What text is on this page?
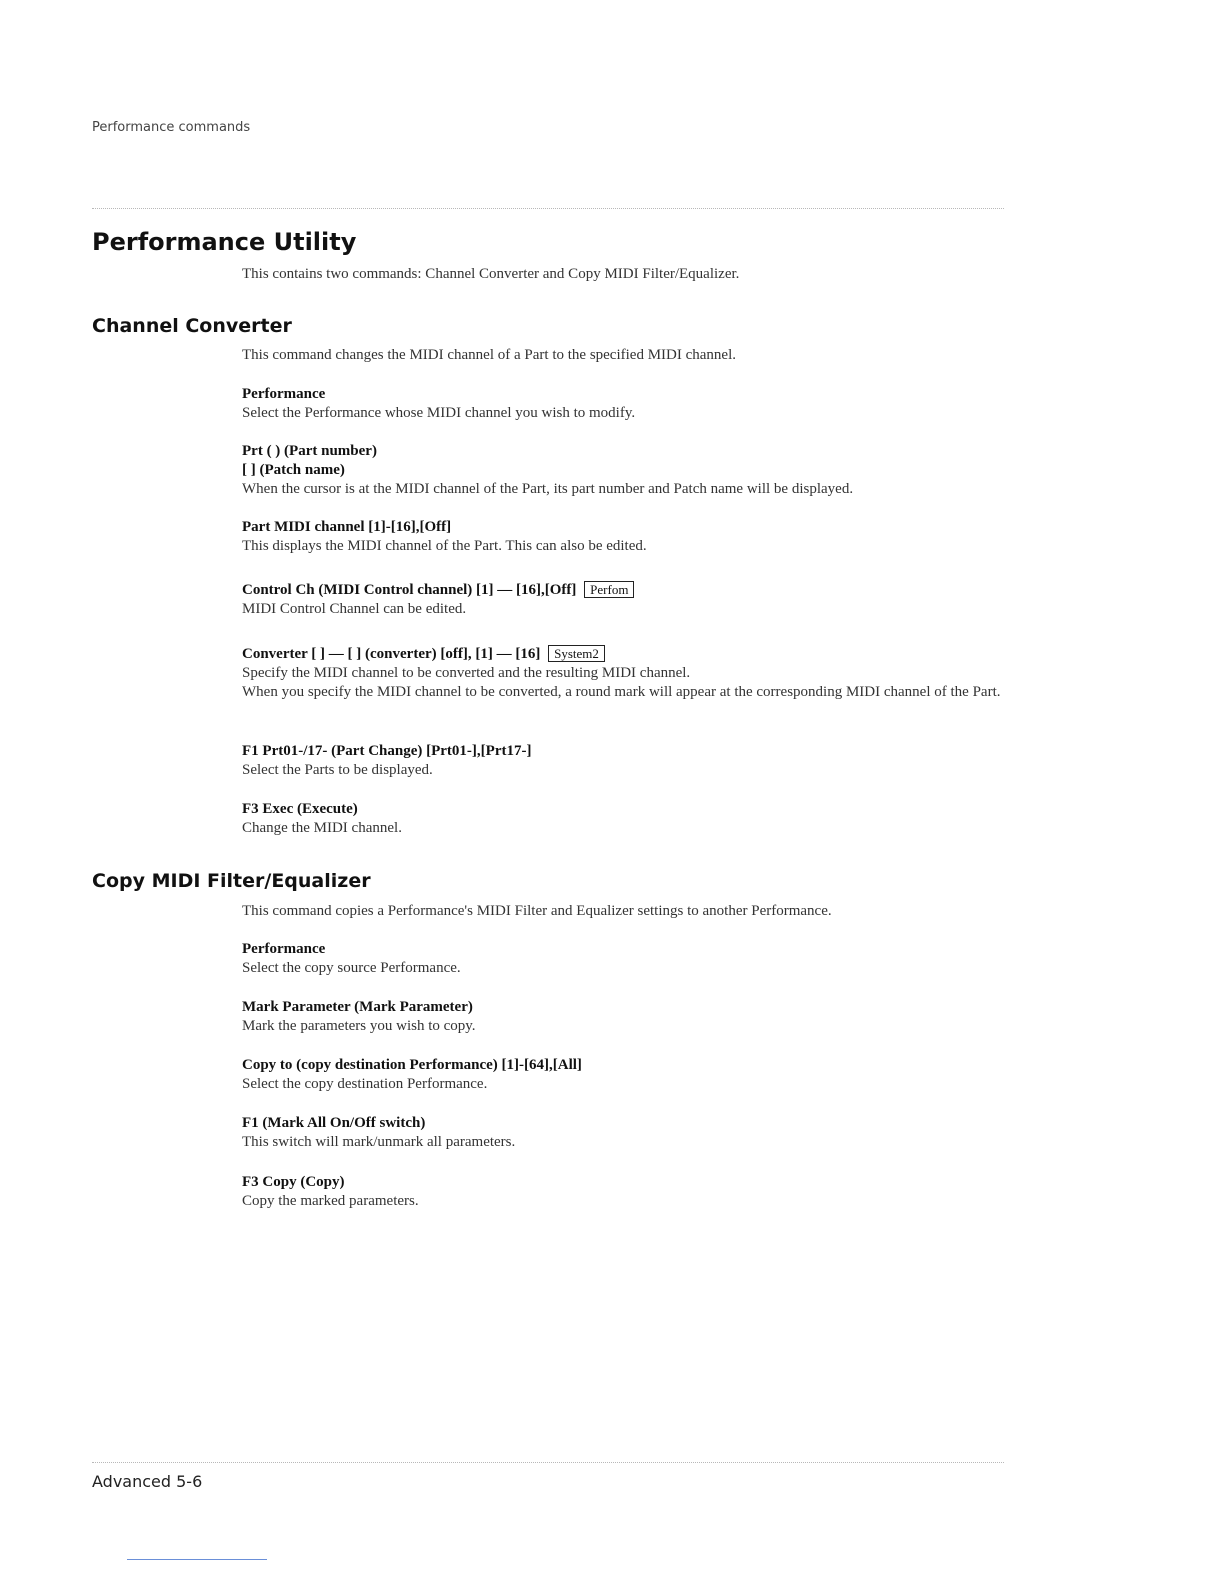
Performance commands
Performance Utility

This contains two commands: Channel Converter and Copy MIDI Filter/Equalizer.

Channel Converter

This command changes the MIDI channel of a Part to the specified MIDI channel.

Performance
Select the Performance whose MIDI channel you wish to modify.
Prt ( ) (Part number)
[ ] (Patch name)
When the cursor is at the MIDI channel of the Part, its part number and Patch name will be displayed.
Part MIDI channel [1]-[16],[Off]
This displays the MIDI channel of the Part. This can also be edited.
Control Ch (MIDI Control channel) [1] — [16],[Off] Perfom
MIDI Control Channel can be edited.
Converter [ ] — [ ] (converter) [off], [1] — [16] System2
Specify the MIDI channel to be converted and the resulting MIDI channel.
When you specify the MIDI channel to be converted, a round mark will appear at the corresponding MIDI channel of the Part.
F1 Prt01-/17- (Part Change) [Prt01-],[Prt17-]
Select the Parts to be displayed.
F3 Exec (Execute)
Change the MIDI channel.
Copy MIDI Filter/Equalizer

This command copies a Performance's MIDI Filter and Equalizer settings to another Performance.

Performance
Select the copy source Performance.
Mark Parameter (Mark Parameter)
Mark the parameters you wish to copy.
Copy to (copy destination Performance) [1]-[64],[All]
Select the copy destination Performance.
F1 (Mark All On/Off switch)
This switch will mark/unmark all parameters.
F3 Copy (Copy)
Copy the marked parameters.
Advanced 5-6
